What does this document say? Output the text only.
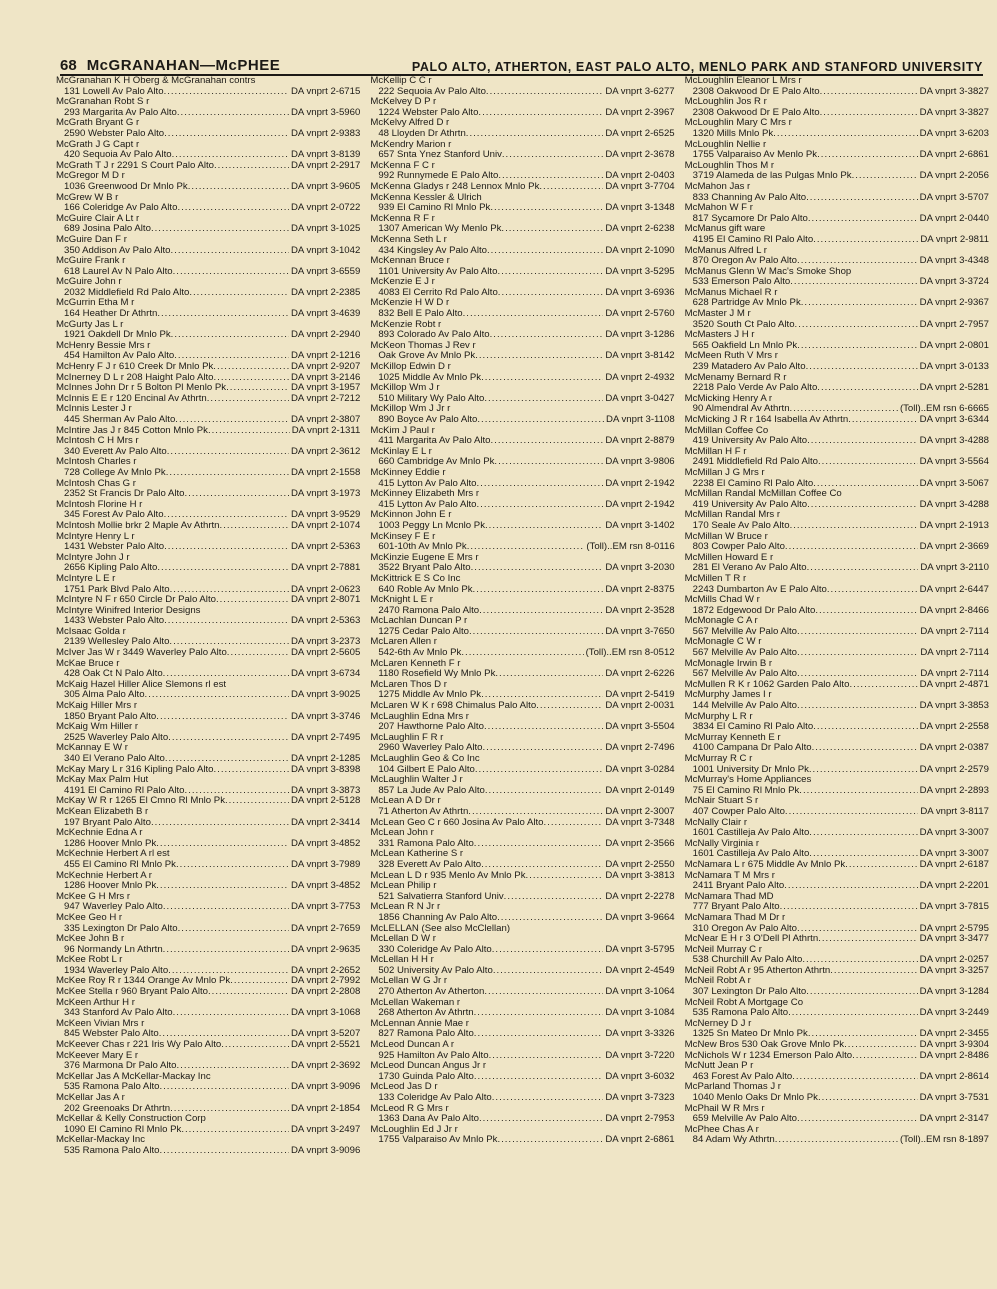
68 McGRANAHAN—McPHEE	PALO ALTO, ATHERTON, EAST PALO ALTO, MENLO PARK AND STANFORD UNIVERSITY
McGranahan K H Oberg & McGranahan contrs
131 Lowell Av Palo Alto .....	DA vnprt 2-6715
McGranahan Robt S r
293 Margarita Av Palo Alto .....	DA vnprt 3-5960
McGrath Bryant G r
2590 Webster Palo Alto .....	DA vnprt 2-9383
McGrath J G Capt r
420 Sequoia Av Palo Alto .....	DA vnprt 3-8139
McGrath T J r 2291 S Court Palo Alto .....	DA vnprt 2-2917
McGregor M D r
1036 Greenwood Dr Mnlo Pk .....	DA vnprt 3-9605
McGrew W B r
166 Coleridge Av Palo Alto .....	DA vnprt 2-0722
McGuire Clair A Lt r
689 Josina Palo Alto .....	DA vnprt 3-1025
McGuire Dan F r
350 Addison Av Palo Alto .....	DA vnprt 3-1042
McGuire Frank r
618 Laurel Av N Palo Alto .....	DA vnprt 3-6559
McGuire John r
2032 Middlefield Rd Palo Alto .....	DA vnprt 2-2385
McGurrin Etha M r
164 Heather Dr Athrtn .....	DA vnprt 3-4639
McGurty Jas L r
1921 Oakdell Dr Mnlo Pk .....	DA vnprt 2-2940
McHenry Bessie Mrs r
454 Hamilton Av Palo Alto .....	DA vnprt 2-1216
McHenry F J r 610 Creek Dr Mnlo Pk .....	DA vnprt 2-9207
McInerney D L r 208 Haight Palo Alto .....	DA vnprt 3-2146
McInnes John Dr r 5 Bolton Pl Menlo Pk .....	DA vnprt 3-1957
McInnis E E r 120 Encinal Av Athrtn .....	DA vnprt 2-7212
McInnis Lester J r
445 Sherman Av Palo Alto .....	DA vnprt 2-3807
McIntire Jas J r 845 Cotton Mnlo Pk .....	DA vnprt 2-1311
McIntosh C H Mrs r
340 Everett Av Palo Alto .....	DA vnprt 2-3612
McIntosh Charles r
728 College Av Mnlo Pk .....	DA vnprt 2-1558
McIntosh Chas G r
2352 St Francis Dr Palo Alto .....	DA vnprt 3-1973
McIntosh Florine H r
345 Forest Av Palo Alto .....	DA vnprt 3-9529
McIntosh Mollie brkr 2 Maple Av Athrtn .....	DA vnprt 2-1074
McIntyre Henry L r
1431 Webster Palo Alto .....	DA vnprt 2-5363
McIntyre John J r
2656 Kipling Palo Alto .....	DA vnprt 2-7881
McIntyre L E r
1751 Park Blvd Palo Alto .....	DA vnprt 2-0623
McIntyre N F r 650 Circle Dr Palo Alto .....	DA vnprt 2-8071
McIntyre Winifred Interior Designs
1433 Webster Palo Alto .....	DA vnprt 2-5363
McIsaac Golda r
2139 Wellesley Palo Alto .....	DA vnprt 3-2373
McIver Jas W r 3449 Waverley Palo Alto .....	DA vnprt 2-5605
McKae Bruce r
428 Oak Ct N Palo Alto .....	DA vnprt 3-6734
McKaig Hazel Hiller Alice Slemons rl est
305 Alma Palo Alto .....	DA vnprt 3-9025
McKaig Hiller Mrs r
1850 Bryant Palo Alto .....	DA vnprt 3-3746
McKaig Wm Hiller r
2525 Waverley Palo Alto .....	DA vnprt 2-7495
McKannay E W r
340 El Verano Palo Alto .....	DA vnprt 2-1285
McKay Mary L r 316 Kipling Palo Alto .....	DA vnprt 3-8398
McKay Max Palm Hut
4191 El Camino Rl Palo Alto .....	DA vnprt 3-3873
McKay W R r 1265 El Cmno Rl Mnlo Pk .....	DA vnprt 2-5128
McKean Elizabeth B r
197 Bryant Palo Alto .....	DA vnprt 2-3414
McKechnie Edna A r
1286 Hoover Mnlo Pk .....	DA vnprt 3-4852
McKechnie Herbert A rl est
455 El Camino Rl Mnlo Pk .....	DA vnprt 3-7989
McKechnie Herbert A r
1286 Hoover Mnlo Pk .....	DA vnprt 3-4852
McKee G H Mrs r
947 Waverley Palo Alto .....	DA vnprt 3-7753
McKee Geo H r
335 Lexington Dr Palo Alto .....	DA vnprt 2-7659
McKee John B r
96 Normandy Ln Athrtn .....	DA vnprt 2-9635
McKee Robt L r
1934 Waverley Palo Alto .....	DA vnprt 2-2652
McKee Roy R r 1344 Orange Av Mnlo Pk .....	DA vnprt 2-7992
McKee Stella r 960 Bryant Palo Alto .....	DA vnprt 2-2808
McKeen Arthur H r
343 Stanford Av Palo Alto .....	DA vnprt 3-1068
McKeen Vivian Mrs r
845 Webster Palo Alto .....	DA vnprt 3-5207
McKeever Chas r 221 Iris Wy Palo Alto .....	DA vnprt 2-5521
McKeever Mary E r
376 Marmona Dr Palo Alto .....	DA vnprt 2-3692
McKellar Jas A McKellar-Mackay Inc
535 Ramona Palo Alto .....	DA vnprt 3-9096
McKellar Jas A r
202 Greenoaks Dr Athrtn .....	DA vnprt 2-1854
McKellar & Kelly Construction Corp
1090 El Camino Rl Mnlo Pk .....	DA vnprt 3-2497
McKellar-Mackay Inc
535 Ramona Palo Alto .....	DA vnprt 3-9096
McKellip C C r
222 Sequoia Av Palo Alto .....	DA vnprt 3-6277
McKelvey D P r
1224 Webster Palo Alto .....	DA vnprt 2-3967
McKelvy Alfred D r
48 Lloyden Dr Athrtn .....	DA vnprt 2-6525
McKendry Marion r
657 Snta Ynez Stanford Univ .....	DA vnprt 2-3678
McKenna F C r
992 Runnymede E Palo Alto .....	DA vnprt 2-0403
McKenna Gladys r 248 Lennox Mnlo Pk .....	DA vnprt 3-7704
McKenna Kessler & Ulrich
939 El Camino Rl Mnlo Pk .....	DA vnprt 3-1348
McKenna R F r
1307 American Wy Menlo Pk .....	DA vnprt 2-6238
McKenna Seth L r
434 Kingsley Av Palo Alto .....	DA vnprt 2-1090
McKennan Bruce r
1101 University Av Palo Alto .....	DA vnprt 3-5295
McKenzie E J r
4083 El Cerrito Rd Palo Alto .....	DA vnprt 3-6936
McKenzie H W D r
832 Bell E Palo Alto .....	DA vnprt 2-5760
McKenzie Robt r
893 Colorado Av Palo Alto .....	DA vnprt 3-1286
McKeon Thomas J Rev r
Oak Grove Av Mnlo Pk .....	DA vnprt 3-8142
McKillop Edwin D r
1025 Middle Av Mnlo Pk .....	DA vnprt 2-4932
McKillop Wm J r
510 Military Wy Palo Alto .....	DA vnprt 3-0427
McKillop Wm J Jr r
890 Boyce Av Palo Alto .....	DA vnprt 3-1108
McKim J Paul r
411 Margarita Av Palo Alto .....	DA vnprt 2-8879
McKinlay E L r
660 Cambridge Av Mnlo Pk .....	DA vnprt 3-9806
McKinney Eddie r
415 Lytton Av Palo Alto .....	DA vnprt 2-1942
McKinney Elizabeth Mrs r
415 Lytton Av Palo Alto .....	DA vnprt 2-1942
McKinnon John E r
1003 Peggy Ln Mcnlo Pk .....	DA vnprt 3-1402
McKinsey F E r
601-10th Av Mnlo Pk .....	(Toll)..EM rsn 8-0116
McKinzie Eugene E Mrs r
3522 Bryant Palo Alto .....	DA vnprt 3-2030
McKittrick E S Co Inc
640 Roble Av Mnlo Pk .....	DA vnprt 2-8375
McKnight L E r
2470 Ramona Palo Alto .....	DA vnprt 2-3528
McLachlan Duncan P r
1275 Cedar Palo Alto .....	DA vnprt 3-7650
McLaren Allen r
542-6th Av Mnlo Pk .....	(Toll)..EM rsn 8-0512
McLaren Kenneth F r
1180 Rosefield Wy Mnlo Pk .....	DA vnprt 2-6226
McLaren Thos D r
1275 Middle Av Mnlo Pk .....	DA vnprt 2-5419
McLaren W K r 698 Chimalus Palo Alto .....	DA vnprt 2-0031
McLaughlin Edna Mrs r
207 Hawthorne Palo Alto .....	DA vnprt 3-5504
McLaughlin F R r
2960 Waverley Palo Alto .....	DA vnprt 2-7496
McLaughlin Geo & Co Inc
104 Gilbert E Palo Alto .....	DA vnprt 3-0284
McLaughlin Walter J r
857 La Jude Av Palo Alto .....	DA vnprt 2-0149
McLean A D Dr r
71 Atherton Av Athrtn .....	DA vnprt 2-3007
McLean Geo C r 660 Josina Av Palo Alto .....	DA vnprt 3-7348
McLean John r
331 Ramona Palo Alto .....	DA vnprt 2-3566
McLean Katherine S r
328 Everett Av Palo Alto .....	DA vnprt 2-2550
McLean L D r 935 Menlo Av Mnlo Pk .....	DA vnprt 3-3813
McLean Philip r
521 Salvatierra Stanford Univ .....	DA vnprt 2-2278
McLean R N Jr r
1856 Channing Av Palo Alto .....	DA vnprt 3-9664
McLELLAN (See also McClellan)
McLellan D W r
330 Coleridge Av Palo Alto .....	DA vnprt 3-5795
McLellan H H r
502 University Av Palo Alto .....	DA vnprt 2-4549
McLellan W G Jr r
270 Atherton Av Atherton .....	DA vnprt 3-1064
McLellan Wakeman r
268 Atherton Av Athrtn .....	DA vnprt 3-1084
McLennan Annie Mae r
827 Ramona Palo Alto .....	DA vnprt 3-3326
McLeod Duncan A r
925 Hamilton Av Palo Alto .....	DA vnprt 3-7220
McLeod Duncan Angus Jr r
1730 Guinda Palo Alto .....	DA vnprt 3-6032
McLeod Jas D r
133 Coleridge Av Palo Alto .....	DA vnprt 3-7323
McLeod R G Mrs r
1363 Dana Av Palo Alto .....	DA vnprt 2-7953
McLoughlin Ed J Jr r
1755 Valparaiso Av Mnlo Pk .....	DA vnprt 2-6861
McLoughlin Eleanor L Mrs r
2308 Oakwood Dr E Palo Alto .....	DA vnprt 3-3827
McLoughlin Jos R r
2308 Oakwood Dr E Palo Alto .....	DA vnprt 3-3827
McLoughlin Mary C Mrs r
1320 Mills Mnlo Pk .....	DA vnprt 3-6203
McLoughlin Nellie r
1755 Valparaiso Av Menlo Pk .....	DA vnprt 2-6861
McLoughlin Thos M r
3719 Alameda de las Pulgas Mnlo Pk .....	DA vnprt 2-2056
McMahon Jas r
833 Channing Av Palo Alto .....	DA vnprt 3-5707
McMahon W F r
817 Sycamore Dr Palo Alto .....	DA vnprt 2-0440
McManus gift ware
4195 El Camino Rl Palo Alto .....	DA vnprt 2-9811
McManus Alfred L r
870 Oregon Av Palo Alto .....	DA vnprt 3-4348
McManus Glenn W Mac's Smoke Shop
533 Emerson Palo Alto .....	DA vnprt 3-3724
McManus Michael R r
628 Partridge Av Mnlo Pk .....	DA vnprt 2-9367
McMaster J M r
3520 South Ct Palo Alto .....	DA vnprt 2-7957
McMasters J H r
565 Oakfield Ln Mnlo Pk .....	DA vnprt 2-0801
McMeen Ruth V Mrs r
239 Matadero Av Palo Alto .....	DA vnprt 3-0133
McMenamy Bernard R r
2218 Palo Verde Av Palo Alto .....	DA vnprt 2-5281
McMicking Henry A r
90 Almendral Av Athrtn .....	(Toll)..EM rsn 6-6665
McMicking J R r 164 Isabella Av Athrtn .....	DA vnprt 3-6344
McMillan Coffee Co
419 University Av Palo Alto .....	DA vnprt 3-4288
McMillan H F r
2491 Middlefield Rd Palo Alto .....	DA vnprt 3-5564
McMillan J G Mrs r
2238 El Camino Rl Palo Alto .....	DA vnprt 3-5067
McMillan Randal McMillan Coffee Co
419 University Av Palo Alto .....	DA vnprt 3-4288
McMillan Randal Mrs r
170 Seale Av Palo Alto .....	DA vnprt 2-1913
McMillan W Bruce r
803 Cowper Palo Alto .....	DA vnprt 2-3669
McMillen Howard E r
281 El Verano Av Palo Alto .....	DA vnprt 3-2110
McMillen T R r
2243 Dumbarton Av E Palo Alto .....	DA vnprt 2-6447
McMills Chad W r
1872 Edgewood Dr Palo Alto .....	DA vnprt 2-8466
McMonagle C A r
567 Melville Av Palo Alto .....	DA vnprt 2-7114
McMonagle C W r
567 Melville Av Palo Alto .....	DA vnprt 2-7114
McMonagle Irwin B r
567 Melville Av Palo Alto .....	DA vnprt 2-7114
McMullen R K r 1062 Garden Palo Alto .....	DA vnprt 2-4871
McMurphy James I r
144 Melville Av Palo Alto .....	DA vnprt 3-3853
McMurphy L R r
3834 El Camino Rl Palo Alto .....	DA vnprt 2-2558
McMurray Kenneth E r
4100 Campana Dr Palo Alto .....	DA vnprt 2-0387
McMurray R C r
1001 University Dr Mnlo Pk .....	DA vnprt 2-2579
McMurray's Home Appliances
75 El Camino Rl Mnlo Pk .....	DA vnprt 2-2893
McNair Stuart S r
407 Cowper Palo Alto .....	DA vnprt 3-8117
McNally Clair r
1601 Castilleja Av Palo Alto .....	DA vnprt 3-3007
McNally Virginia r
1601 Castilleja Av Palo Alto .....	DA vnprt 3-3007
McNamara L r 675 Middle Av Mnlo Pk .....	DA vnprt 2-6187
McNamara T M Mrs r
2411 Bryant Palo Alto .....	DA vnprt 2-2201
McNamara Thad MD
777 Bryant Palo Alto .....	DA vnprt 3-7815
McNamara Thad M Dr r
310 Oregon Av Palo Alto .....	DA vnprt 2-5795
McNear E H r 3 O'Dell Pl Athrtn .....	DA vnprt 3-3477
McNeil Murray C r
538 Churchill Av Palo Alto .....	DA vnprt 2-0257
McNeil Robt A r 95 Atherton Athrtn .....	DA vnprt 3-3257
McNeil Robt A r
307 Lexington Dr Palo Alto .....	DA vnprt 3-1284
McNeil Robt A Mortgage Co
535 Ramona Palo Alto .....	DA vnprt 3-2449
McNerney D J r
1325 Sn Mateo Dr Mnlo Pk .....	DA vnprt 2-3455
McNew Bros 530 Oak Grove Mnlo Pk .....	DA vnprt 3-9304
McNichols W r 1234 Emerson Palo Alto .....	DA vnprt 2-8486
McNutt Jean P r
463 Forest Av Palo Alto .....	DA vnprt 2-8614
McParland Thomas J r
1040 Menlo Oaks Dr Mnlo Pk .....	DA vnprt 3-7531
McPhail W R Mrs r
659 Melville Av Palo Alto .....	DA vnprt 2-3147
McPhee Chas A r
84 Adam Wy Athrtn .....	(Toll)..EM rsn 8-1897
